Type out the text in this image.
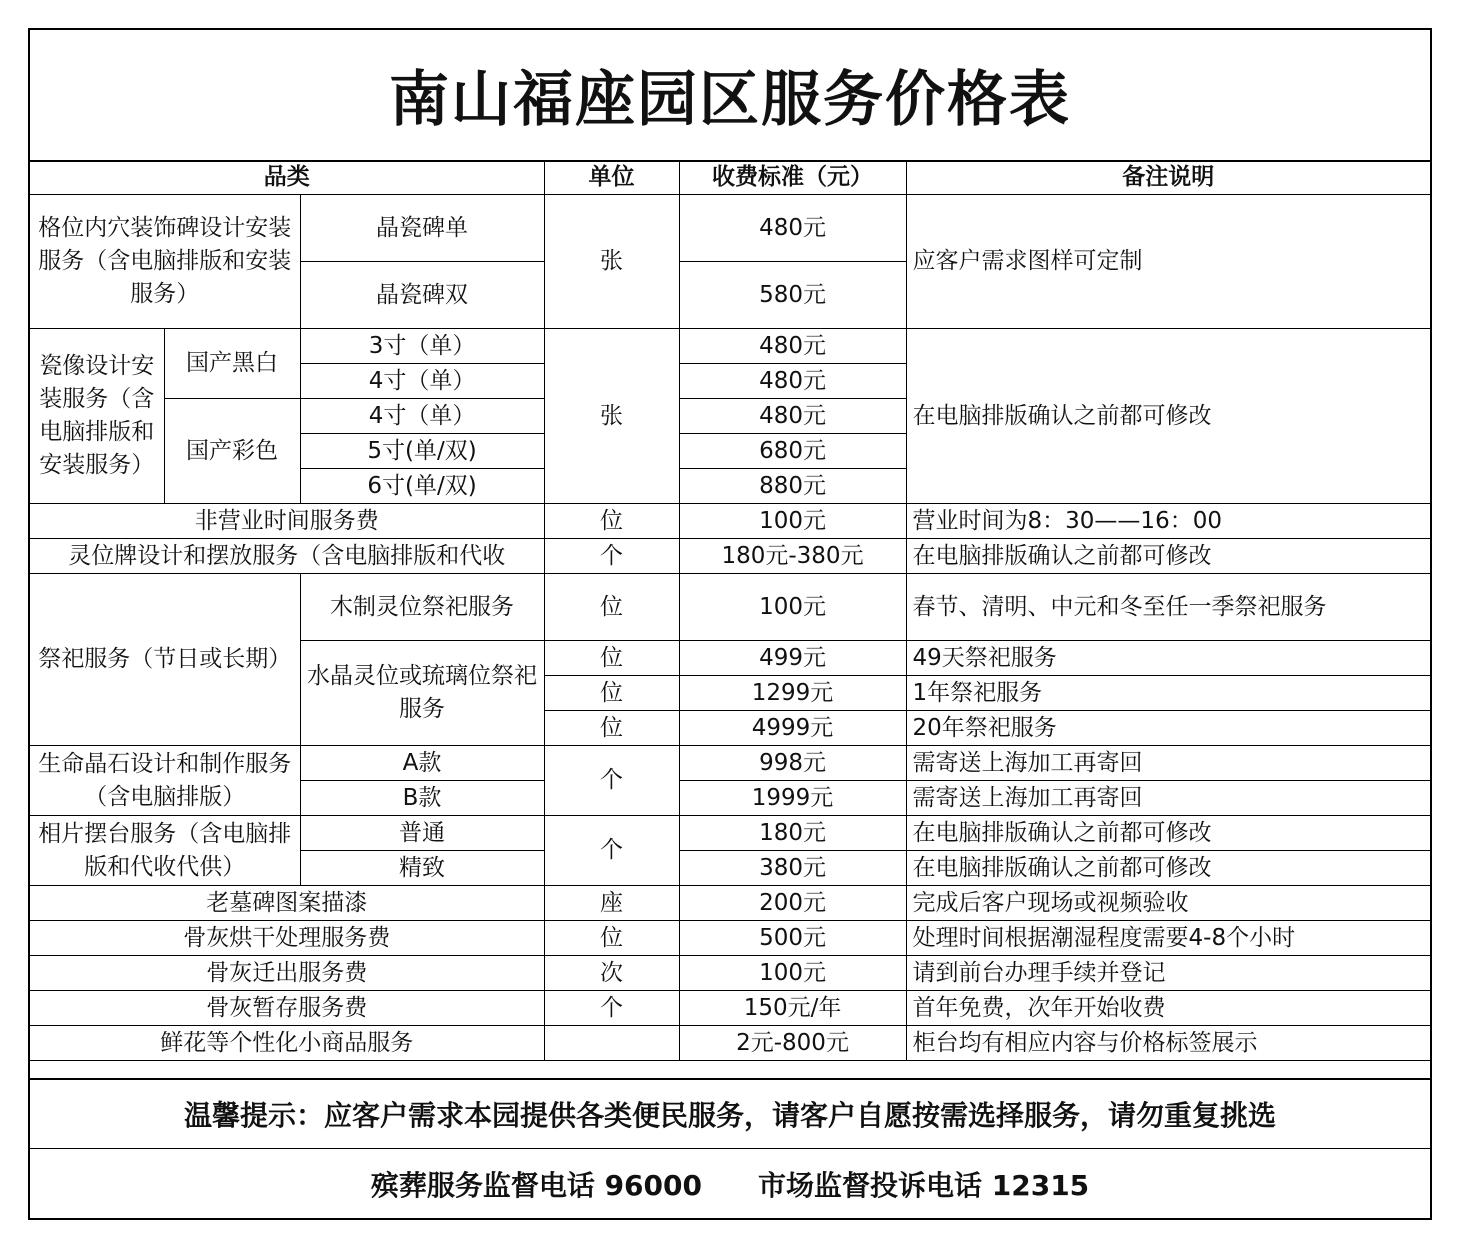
南山福座园区服务价格表
品类			单位	收费标准（元）	备注说明
格位内穴装饰碑设计安装服务（含电脑排版和安装服务）		晶瓷碑单	张	480元	应客户需求图样可定制
		晶瓷碑双		580元	
瓷像设计安装服务（含电脑排版和安装服务）	国产黑白	3寸（单）	张	480元	在电脑排版确认之前都可修改
		4寸（单）		480元	
	国产彩色	4寸（单）		480元	
		5寸(单/双)		680元	
		6寸(单/双)		880元	
非营业时间服务费			位	100元	营业时间为8：30——16：00
灵位牌设计和摆放服务（含电脑排版和代收			个	180元-380元	在电脑排版确认之前都可修改
祭祀服务（节日或长期）		木制灵位祭祀服务	位	100元	春节、清明、中元和冬至任一季祭祀服务
		水晶灵位或琉璃位祭祀服务	位	499元	49天祭祀服务
			位	1299元	1年祭祀服务
			位	4999元	20年祭祀服务
生命晶石设计和制作服务（含电脑排版）		A款	个	998元	需寄送上海加工再寄回
		B款		1999元	需寄送上海加工再寄回
相片摆台服务（含电脑排版和代收代供）		普通	个	180元	在电脑排版确认之前都可修改
		精致		380元	在电脑排版确认之前都可修改
老墓碑图案描漆			座	200元	完成后客户现场或视频验收
骨灰烘干处理服务费			位	500元	处理时间根据潮湿程度需要4-8个小时
骨灰迁出服务费			次	100元	请到前台办理手续并登记
骨灰暂存服务费			个	150元/年	首年免费，次年开始收费
鲜花等个性化小商品服务				2元-800元	柜台均有相应内容与价格标签展示
温馨提示：应客户需求本园提供各类便民服务，请客户自愿按需选择服务，请勿重复挑选
殡葬服务监督电话 96000 市场监督投诉电话 12315
